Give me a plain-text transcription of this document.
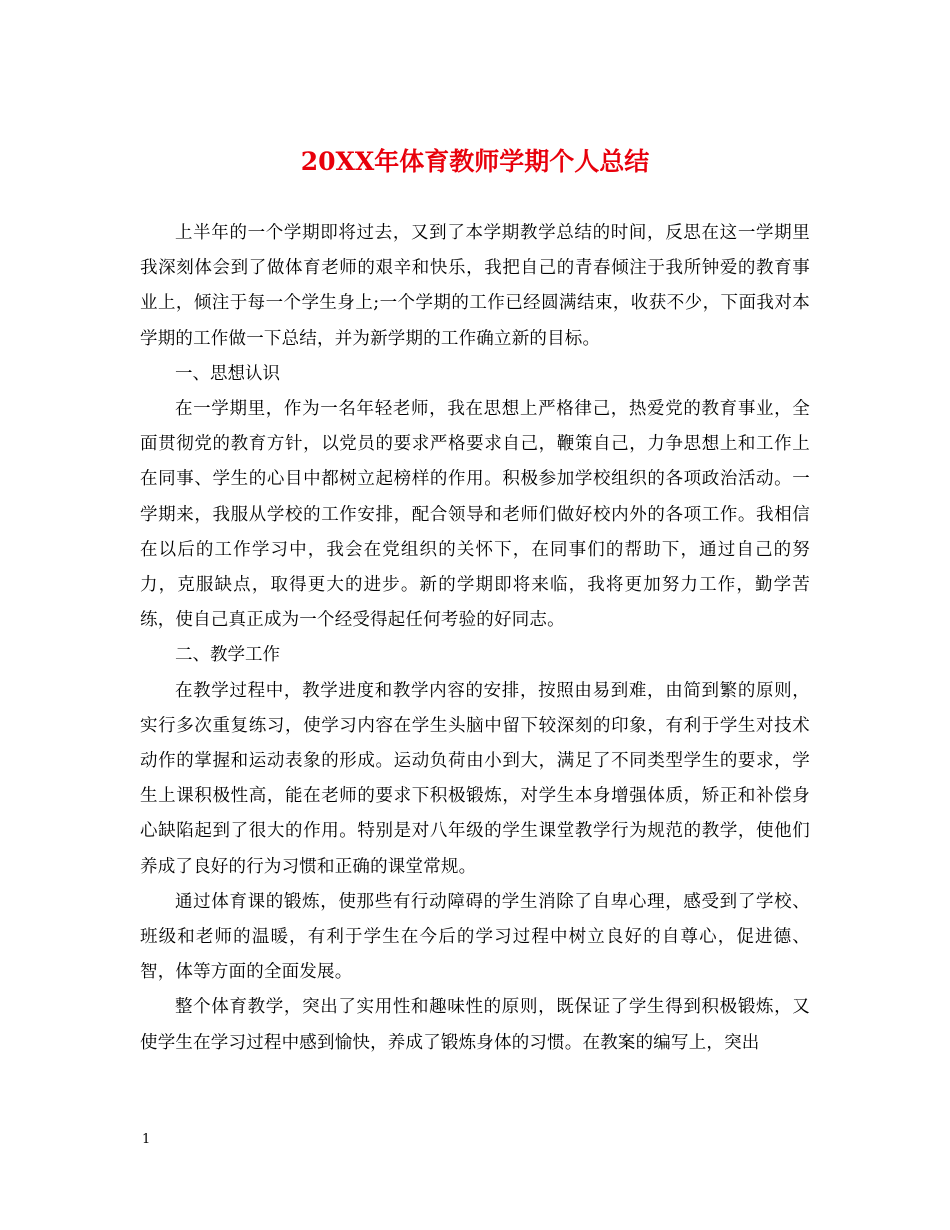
20XX年体育教师学期个人总结

上半年的一个学期即将过去，又到了本学期教学总结的时间，反思在这一学期里我深刻体会到了做体育老师的艰辛和快乐，我把自己的青春倾注于我所钟爱的教育事业上，倾注于每一个学生身上;一个学期的工作已经圆满结束，收获不少，下面我对本学期的工作做一下总结，并为新学期的工作确立新的目标。

一、思想认识

在一学期里，作为一名年轻老师，我在思想上严格律己，热爱党的教育事业，全面贯彻党的教育方针，以党员的要求严格要求自己，鞭策自己，力争思想上和工作上在同事、学生的心目中都树立起榜样的作用。积极参加学校组织的各项政治活动。一学期来，我服从学校的工作安排，配合领导和老师们做好校内外的各项工作。我相信在以后的工作学习中，我会在党组织的关怀下，在同事们的帮助下，通过自己的努力，克服缺点，取得更大的进步。新的学期即将来临，我将更加努力工作，勤学苦练，使自己真正成为一个经受得起任何考验的好同志。

二、教学工作

在教学过程中，教学进度和教学内容的安排，按照由易到难，由简到繁的原则，实行多次重复练习，使学习内容在学生头脑中留下较深刻的印象，有利于学生对技术动作的掌握和运动表象的形成。运动负荷由小到大，满足了不同类型学生的要求，学生上课积极性高，能在老师的要求下积极锻炼，对学生本身增强体质，矫正和补偿身心缺陷起到了很大的作用。特别是对八年级的学生课堂教学行为规范的教学，使他们养成了良好的行为习惯和正确的课堂常规。

通过体育课的锻炼，使那些有行动障碍的学生消除了自卑心理，感受到了学校、班级和老师的温暖，有利于学生在今后的学习过程中树立良好的自尊心，促进德、智，体等方面的全面发展。

整个体育教学，突出了实用性和趣味性的原则，既保证了学生得到积极锻炼，又使学生在学习过程中感到愉快，养成了锻炼身体的习惯。在教案的编写上，突出

1
